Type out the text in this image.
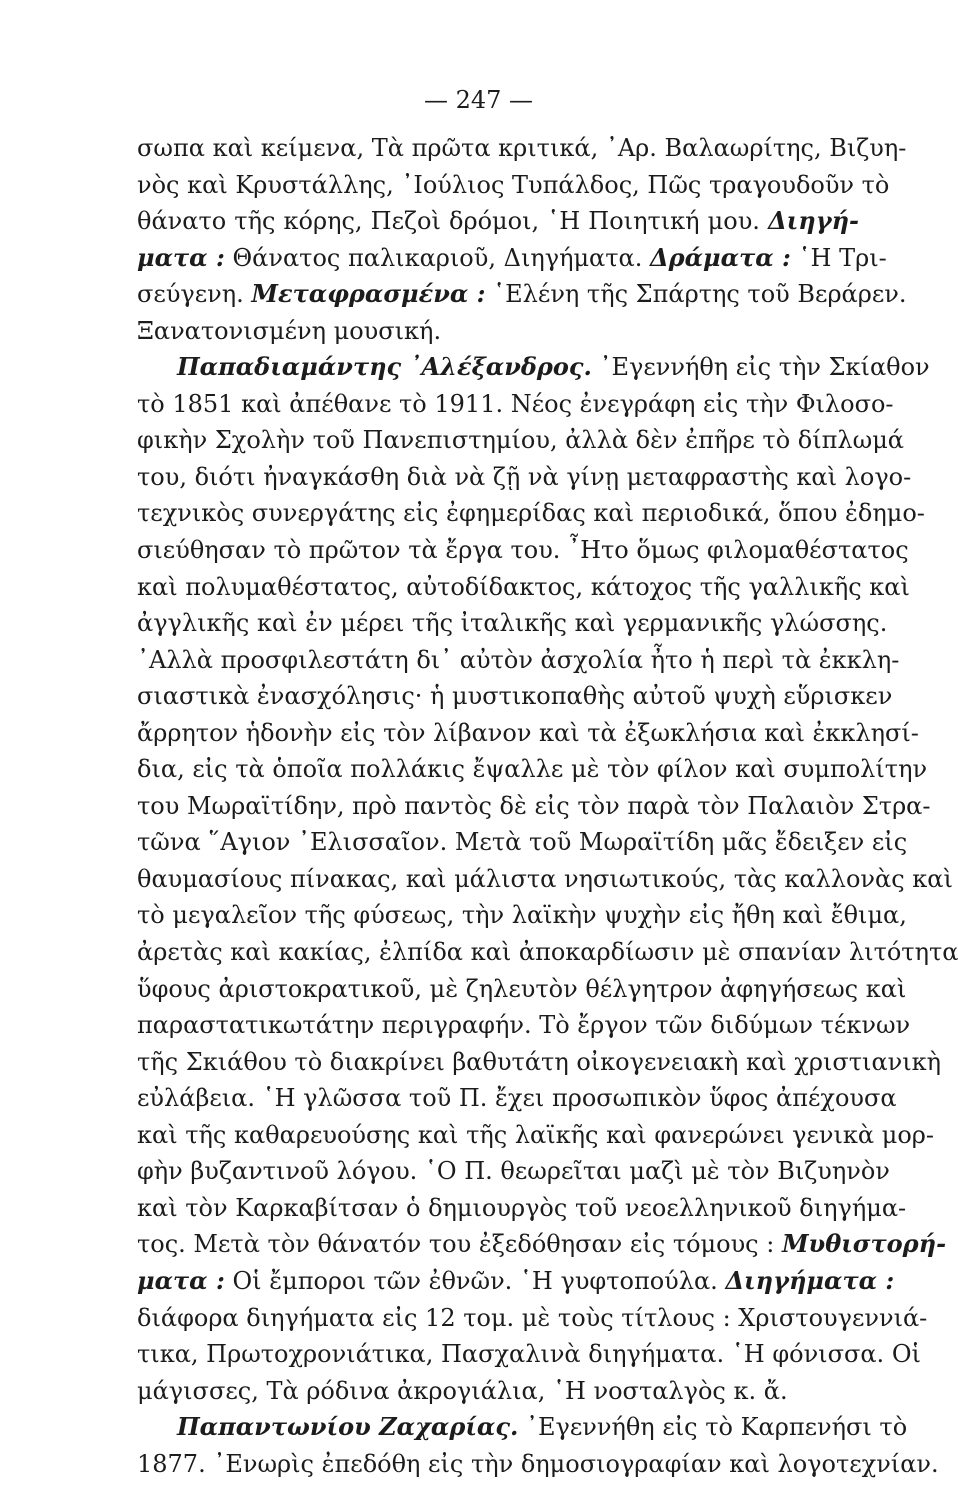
— 247 —
σωπα καὶ κείμενα, Τὰ πρῶτα κριτικά, ᾿Αρ. Βαλαωρίτης, Βιζυη-
νὸς καὶ Κρυστάλλης, ᾿Ιούλιος Τυπάλδος, Πῶς τραγουδοῦν τὸ
θάνατο τῆς κόρης, Πεζοὶ δρόμοι, ῾Η Ποιητική μου. Διηγή-
ματα : Θάνατος παλικαριοῦ, Διηγήματα. Δράματα : ῾Η Τρι-
σεύγενη. Μεταφρασμένα : ῾Ελένη τῆς Σπάρτης τοῦ Βεράρεν.
Ξανατονισμένη μουσική.
Παπαδιαμάντης ᾿Αλέξανδρος. ᾿Εγεννήθη εἰς τὴν Σκίαθον
τὸ 1851 καὶ ἀπέθανε τὸ 1911. Νέος ἐνεγράφη εἰς τὴν Φιλοσο-
φικὴν Σχολὴν τοῦ Πανεπιστημίου, ἀλλὰ δὲν ἐπῆρε τὸ δίπλωμά
του, διότι ἠναγκάσθη διὰ νὰ ζῇ νὰ γίνῃ μεταφραστὴς καὶ λογο-
τεχνικὸς συνεργάτης εἰς ἐφημερίδας καὶ περιοδικά, ὅπου ἐδημο-
σιεύθησαν τὸ πρῶτον τὰ ἔργα του. ῏Ητο ὅμως φιλομαθέστατος
καὶ πολυμαθέστατος, αὐτοδίδακτος, κάτοχος τῆς γαλλικῆς καὶ
ἀγγλικῆς καὶ ἐν μέρει τῆς ἰταλικῆς καὶ γερμανικῆς γλώσσης.
᾿Αλλὰ προσφιλεστάτη δι᾿ αὐτὸν ἀσχολία ἦτο ἡ περὶ τὰ ἐκκλη-
σιαστικὰ ἐνασχόλησις· ἡ μυστικοπαθὴς αὐτοῦ ψυχὴ εὕρισκεν
ἄρρητον ἡδονὴν εἰς τὸν λίβανον καὶ τὰ ἐξωκλήσια καὶ ἐκκλησί-
δια, εἰς τὰ ὁποῖα πολλάκις ἔψαλλε μὲ τὸν φίλον καὶ συμπολίτην
του Μωραϊτίδην, πρὸ παντὸς δὲ εἰς τὸν παρὰ τὸν Παλαιὸν Στρα-
τῶνα ῞Αγιον ᾿Ελισσαῖον. Μετὰ τοῦ Μωραϊτίδη μᾶς ἔδειξεν εἰς
θαυμασίους πίνακας, καὶ μάλιστα νησιωτικούς, τὰς καλλονὰς καὶ
τὸ μεγαλεῖον τῆς φύσεως, τὴν λαϊκὴν ψυχὴν εἰς ἤθη καὶ ἔθιμα,
ἀρετὰς καὶ κακίας, ἐλπίδα καὶ ἀποκαρδίωσιν μὲ σπανίαν λιτότητα
ὕφους ἀριστοκρατικοῦ, μὲ ζηλευτὸν θέλγητρον ἀφηγήσεως καὶ
παραστατικωτάτην περιγραφήν. Τὸ ἔργον τῶν διδύμων τέκνων
τῆς Σκιάθου τὸ διακρίνει βαθυτάτη οἰκογενειακὴ καὶ χριστιανικὴ
εὐλάβεια. ῾Η γλῶσσα τοῦ Π. ἔχει προσωπικὸν ὕφος ἀπέχουσα
καὶ τῆς καθαρευούσης καὶ τῆς λαϊκῆς καὶ φανερώνει γενικὰ μορ-
φὴν βυζαντινοῦ λόγου. ῾Ο Π. θεωρεῖται μαζὶ μὲ τὸν Βιζυηνὸν
καὶ τὸν Καρκαβίτσαν ὁ δημιουργὸς τοῦ νεοελληνικοῦ διηγήμα-
τος. Μετὰ τὸν θάνατόν του ἐξεδόθησαν εἰς τόμους : Μυθιστορή-
ματα : Οἱ ἔμποροι τῶν ἐθνῶν. ῾Η γυφτοπούλα. Διηγήματα :
διάφορα διηγήματα εἰς 12 τομ. μὲ τοὺς τίτλους : Χριστουγεννιά-
τικα, Πρωτοχρονιάτικα, Πασχαλινὰ διηγήματα. ῾Η φόνισσα. Οἱ
μάγισσες, Τὰ ρόδινα ἀκρογιάλια, ῾Η νοσταλγὸς κ. ἄ.
Παπαντωνίου Ζαχαρίας. ᾿Εγεννήθη εἰς τὸ Καρπενήσι τὸ
1877. ᾿Ενωρὶς ἐπεδόθη εἰς τὴν δημοσιογραφίαν καὶ λογοτεχνίαν.
